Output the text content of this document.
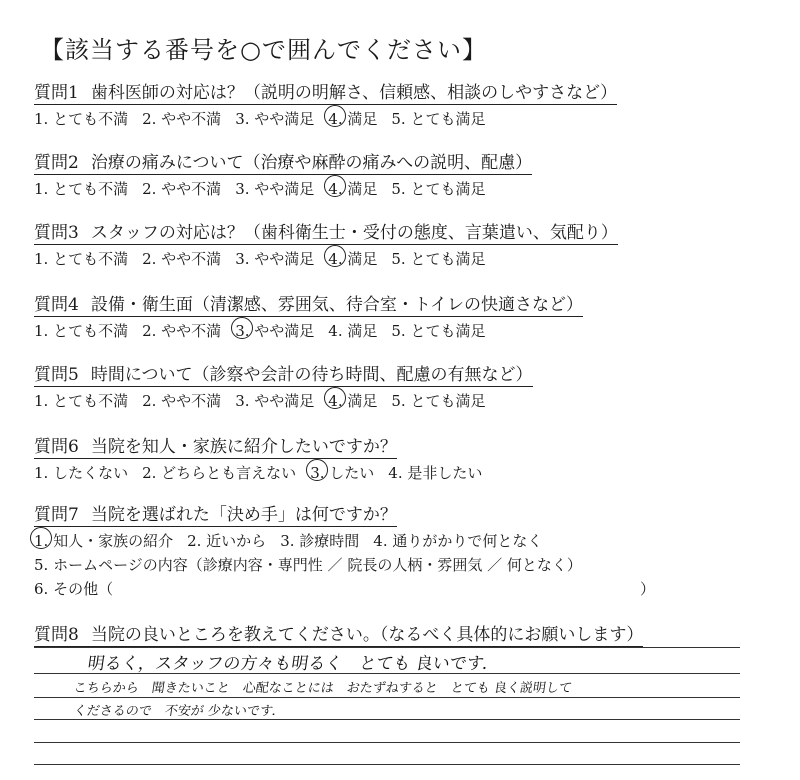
【該当する番号を○で囲んでください】
質問1 歯科医師の対応は？（説明の明解さ、信頼感、相談のしやすさなど）
1. とても不満 2. やや不満 3. やや満足 4. 満足 5. とても満足
質問2 治療の痛みについて（治療や麻酔の痛みへの説明、配慮）
1. とても不満 2. やや不満 3. やや満足 4. 満足 5. とても満足
質問3 スタッフの対応は？（歯科衛生士・受付の態度、言葉遣い、気配り）
1. とても不満 2. やや不満 3. やや満足 4. 満足 5. とても満足
質問4 設備・衛生面（清潔感、雰囲気、待合室・トイレの快適さなど）
1. とても不満 2. やや不満 3. やや満足 4. 満足 5. とても満足
質問5 時間について（診察や会計の待ち時間、配慮の有無など）
1. とても不満 2. やや不満 3. やや満足 4. 満足 5. とても満足
質問6 当院を知人・家族に紹介したいですか？
1. したくない 2. どちらとも言えない 3. したい 4. 是非したい
質問7 当院を選ばれた「決め手」は何ですか？
1. 知人・家族の紹介 2. 近いから 3. 診療時間 4. 通りがかりで何となく
5. ホームページの内容（診療内容・専門性 ／ 院長の人柄・雰囲気 ／ 何となく）
6. その他（	）
質問8 当院の良いところを教えてください。（なるべく具体的にお願いします）
明るく，スタッフの方々も明るく　とても 良いです．
こちらから　聞きたいこと　心配なことには　おたずねすると　とても 良く説明して
くださるので　不安が 少ないです．
